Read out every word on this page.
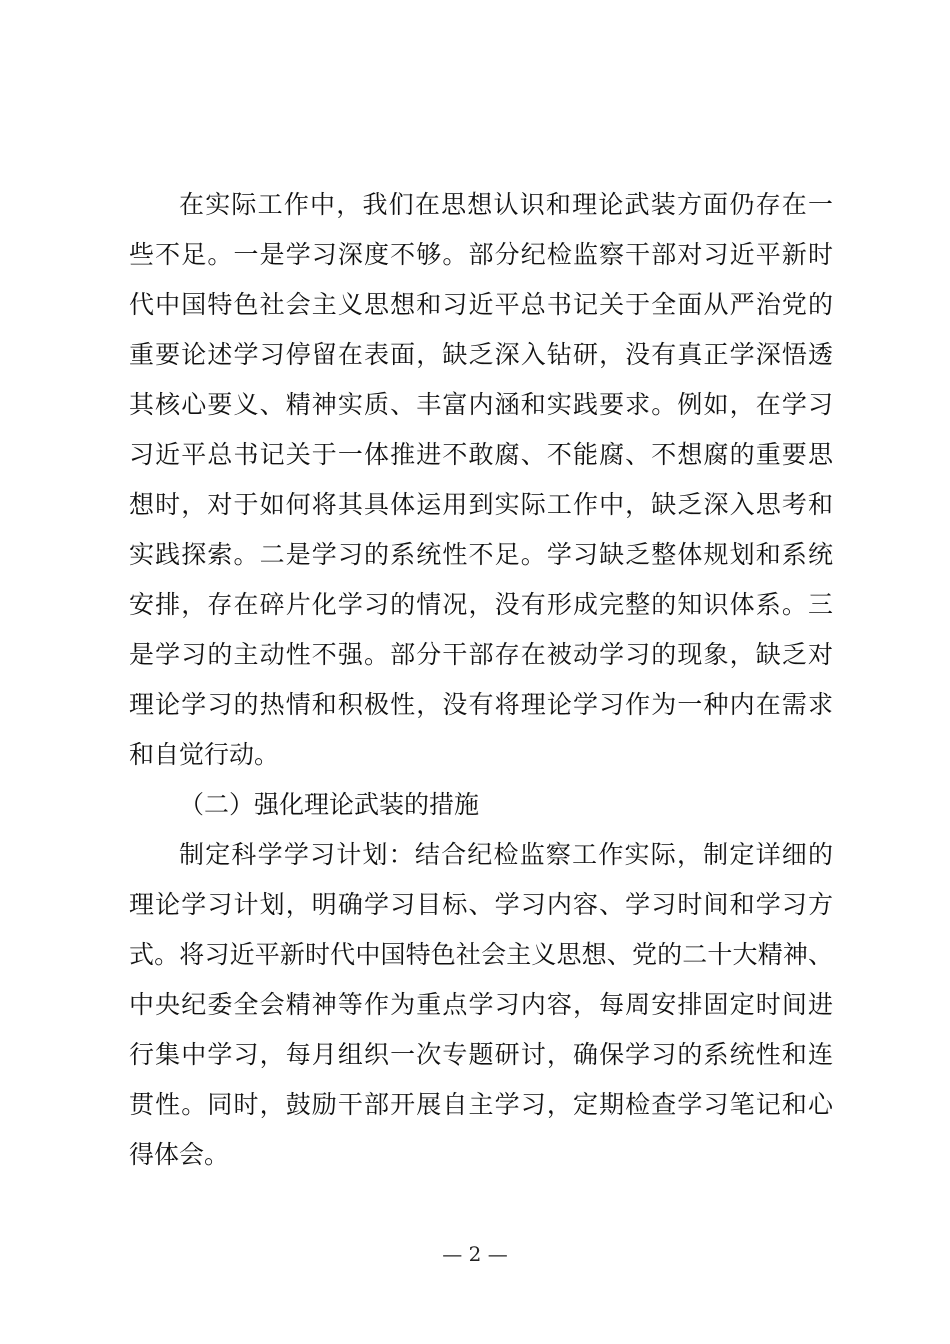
在实际工作中，我们在思想认识和理论武装方面仍存在一
些不足。一是学习深度不够。部分纪检监察干部对习近平新时
代中国特色社会主义思想和习近平总书记关于全面从严治党的
重要论述学习停留在表面，缺乏深入钻研，没有真正学深悟透
其核心要义、精神实质、丰富内涵和实践要求。例如，在学习
习近平总书记关于一体推进不敢腐、不能腐、不想腐的重要思
想时，对于如何将其具体运用到实际工作中，缺乏深入思考和
实践探索。二是学习的系统性不足。学习缺乏整体规划和系统
安排，存在碎片化学习的情况，没有形成完整的知识体系。三
是学习的主动性不强。部分干部存在被动学习的现象，缺乏对
理论学习的热情和积极性，没有将理论学习作为一种内在需求
和自觉行动。
（二）强化理论武装的措施
制定科学学习计划：结合纪检监察工作实际，制定详细的
理论学习计划，明确学习目标、学习内容、学习时间和学习方
式。将习近平新时代中国特色社会主义思想、党的二十大精神、
中央纪委全会精神等作为重点学习内容，每周安排固定时间进
行集中学习，每月组织一次专题研讨，确保学习的系统性和连
贯性。同时，鼓励干部开展自主学习，定期检查学习笔记和心
得体会。
— 2 —
